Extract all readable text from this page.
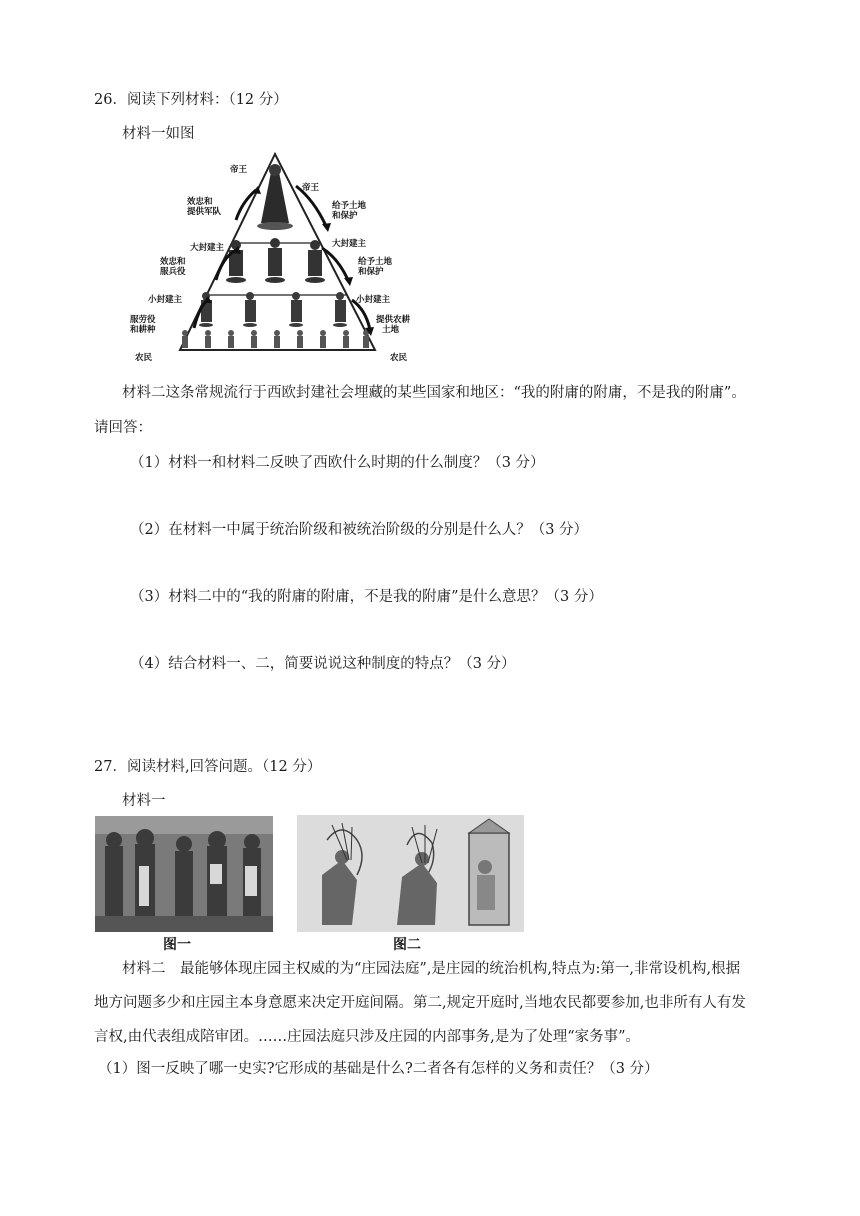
26．阅读下列材料：（12 分）
材料一如图
帝王
大封建主
小封建主
农民
效忠和
提供军队
效忠和
服兵役
服劳役
和耕种
帝王
大封建主
小封建主
农民
给予土地
和保护
给予土地
和保护
提供农耕
土地
材料二这条常规流行于西欧封建社会埋藏的某些国家和地区：“我的附庸的附庸，不是我的附庸”。
请回答：
（1）材料一和材料二反映了西欧什么时期的什么制度？（3 分）
（2）在材料一中属于统治阶级和被统治阶级的分别是什么人？（3 分）
（3）材料二中的“我的附庸的附庸，不是我的附庸”是什么意思？（3 分）
（4）结合材料一、二，简要说说这种制度的特点？（3 分）
27．阅读材料,回答问题。（12 分）
材料一
图一	图二
材料二　最能够体现庄园主权威的为“庄园法庭”,是庄园的统治机构,特点为:第一,非常设机构,根据
地方问题多少和庄园主本身意愿来决定开庭间隔。第二,规定开庭时,当地农民都要参加,也非所有人有发
言权,由代表组成陪审团。……庄园法庭只涉及庄园的内部事务,是为了处理“家务事”。
（1）图一反映了哪一史实?它形成的基础是什么?二者各有怎样的义务和责任？（3 分）
